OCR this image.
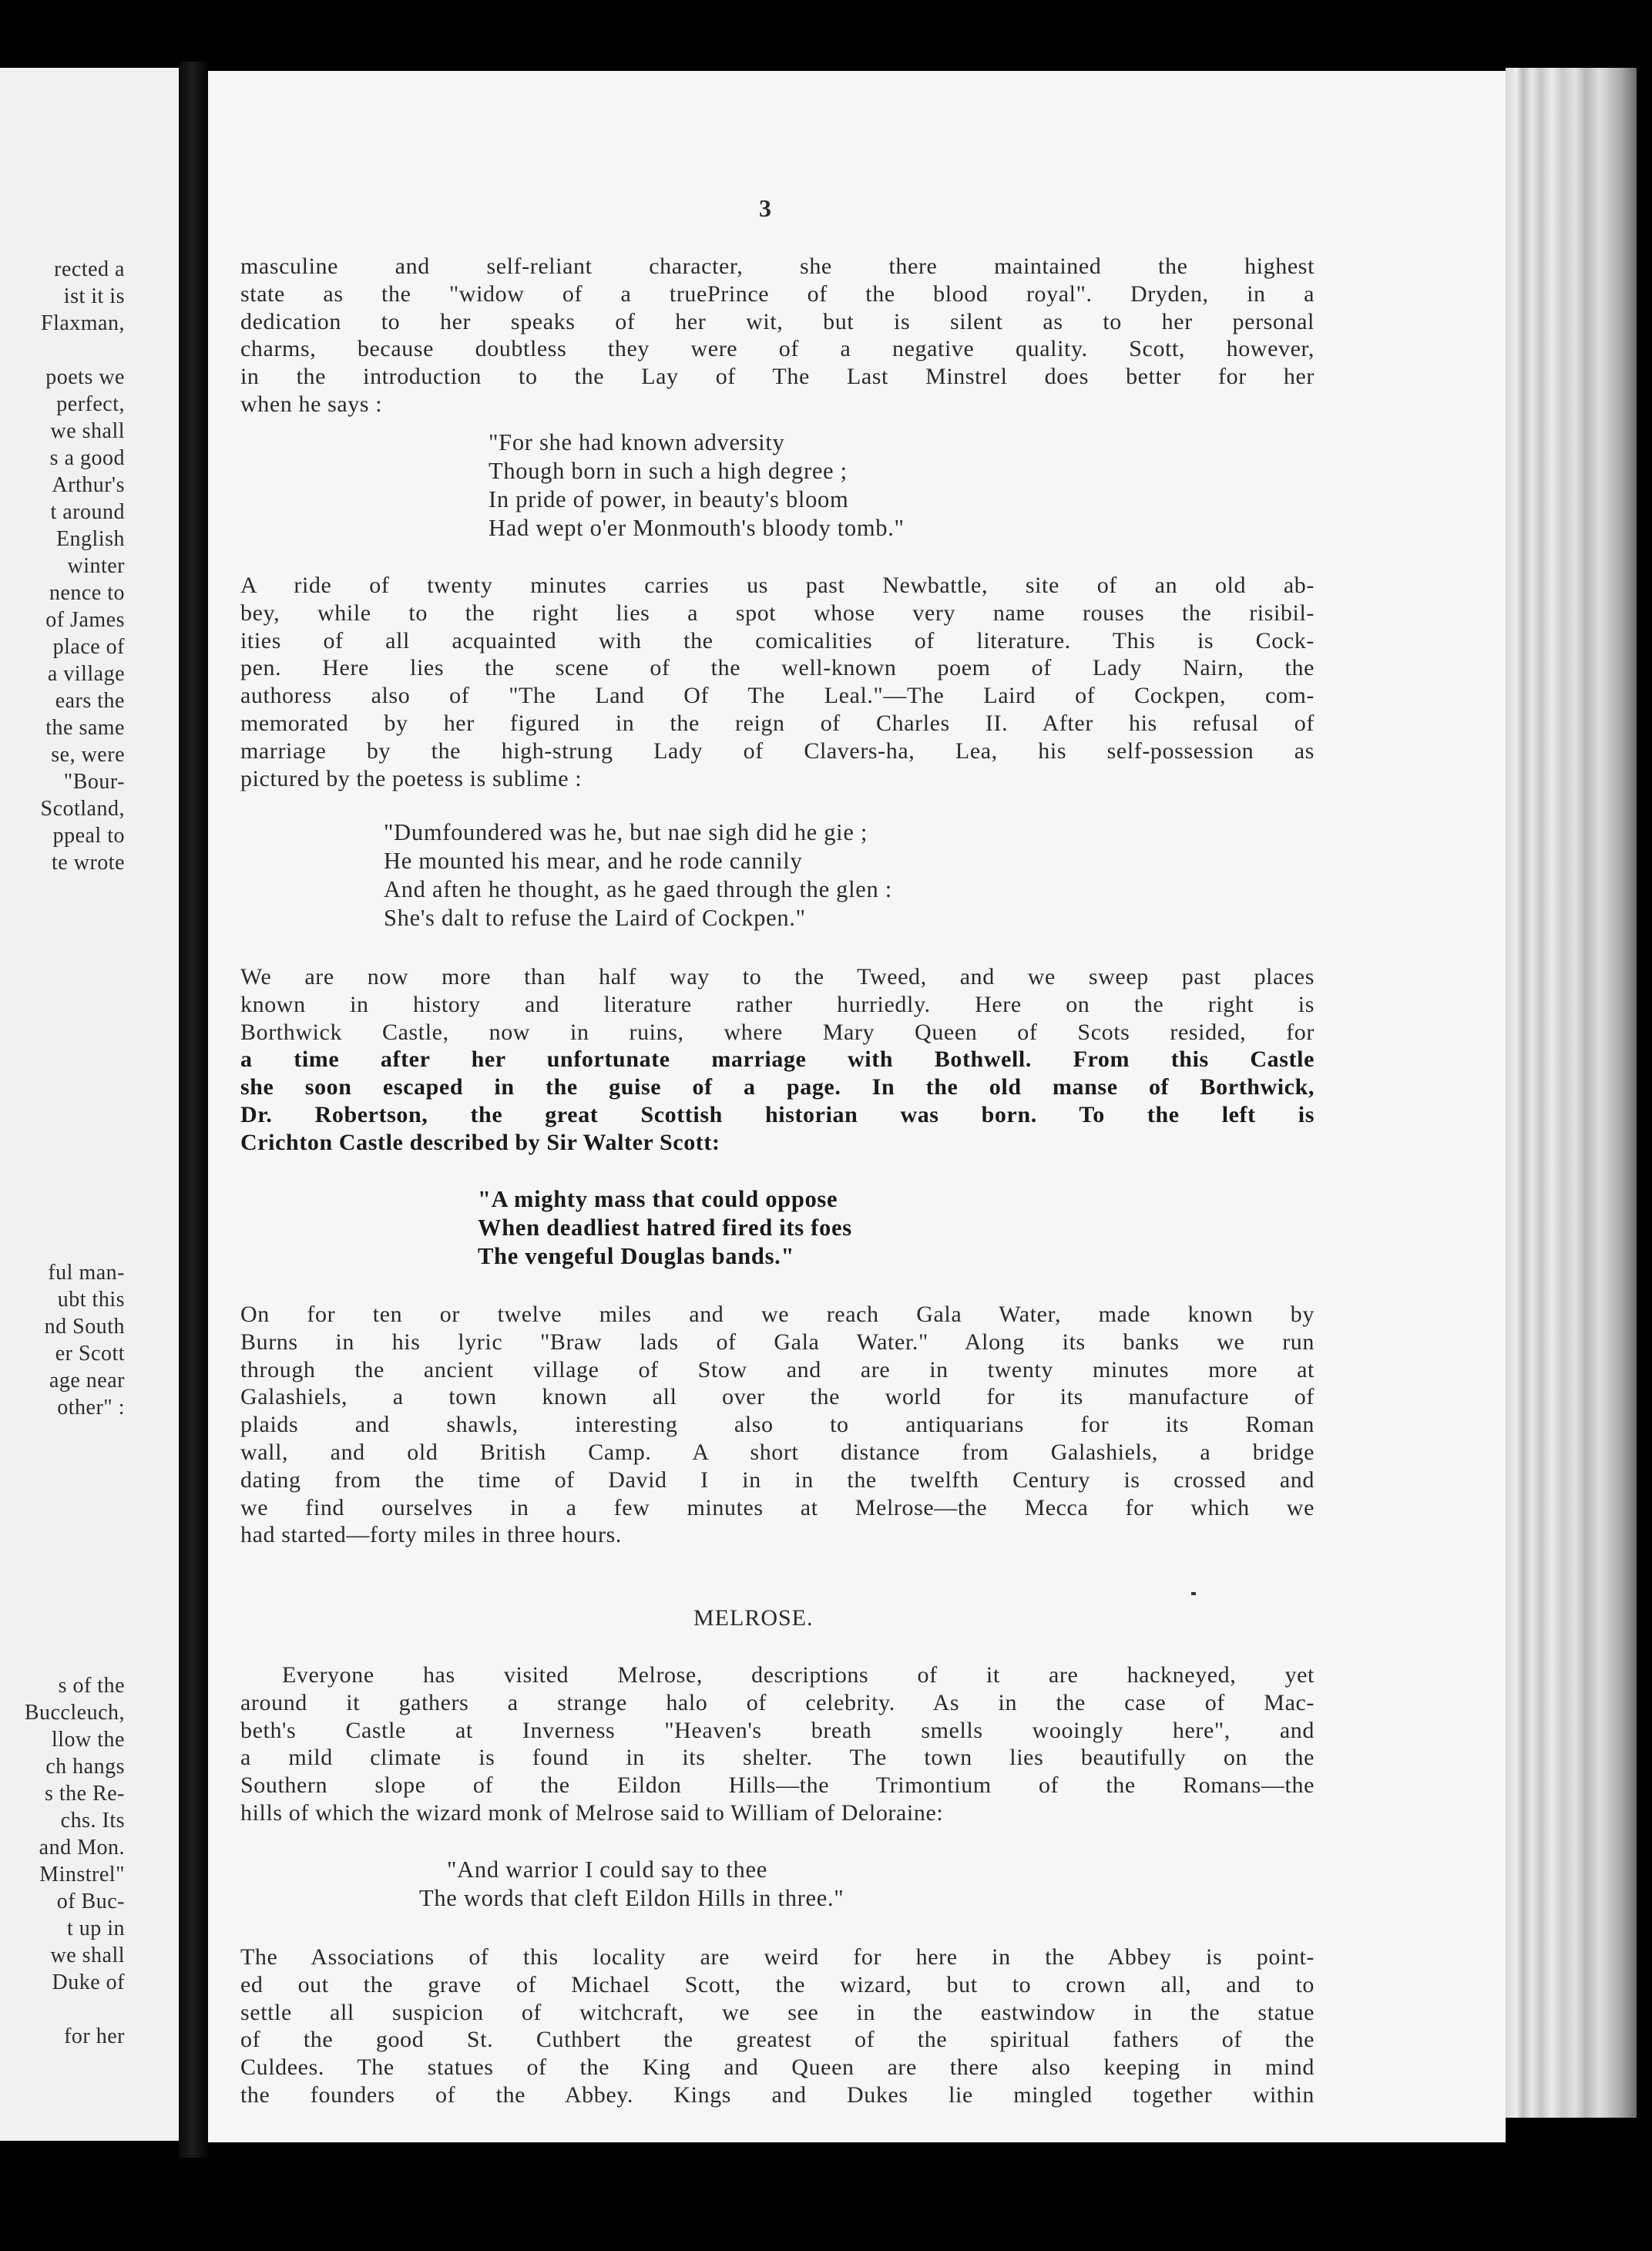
rected a
ist it is
Flaxman,
poets we
perfect,
we shall
s a good
Arthur's
t around
English
winter
nence to
of James
place of
a village
ears the
the same
se, were
"Bour-
Scotland,
ppeal to
te wrote
ful man-
ubt this
nd South
er Scott
age near
other" :
s of the
Buccleuch,
llow the
ch hangs
s the Re-
chs. Its
and Mon.
Minstrel"
of Buc-
t up in
we shall
Duke of
for her
3
masculine and self-reliant character, she there maintained the highest
state as the "widow of a truePrince of the blood royal". Dryden, in a
dedication to her speaks of her wit, but is silent as to her personal
charms, because doubtless they were of a negative quality. Scott, however,
in the introduction to the Lay of The Last Minstrel does better for her
when he says :
"For she had known adversity
Though born in such a high degree ;
In pride of power, in beauty's bloom
Had wept o'er Monmouth's bloody tomb."
A ride of twenty minutes carries us past Newbattle, site of an old ab-
bey, while to the right lies a spot whose very name rouses the risibil-
ities of all acquainted with the comicalities of literature. This is Cock-
pen. Here lies the scene of the well-known poem of Lady Nairn, the
authoress also of "The Land Of The Leal."—The Laird of Cockpen, com-
memorated by her figured in the reign of Charles II. After his refusal of
marriage by the high-strung Lady of Clavers-ha, Lea, his self-possession as
pictured by the poetess is sublime :
"Dumfoundered was he, but nae sigh did he gie ;
He mounted his mear, and he rode cannily
And aften he thought, as he gaed through the glen :
She's dalt to refuse the Laird of Cockpen."
We are now more than half way to the Tweed, and we sweep past places
known in history and literature rather hurriedly. Here on the right is
Borthwick Castle, now in ruins, where Mary Queen of Scots resided, for
a time after her unfortunate marriage with Bothwell. From this Castle
she soon escaped in the guise of a page. In the old manse of Borthwick,
Dr. Robertson, the great Scottish historian was born. To the left is
Crichton Castle described by Sir Walter Scott:
"A mighty mass that could oppose
When deadliest hatred fired its foes
The vengeful Douglas bands."
On for ten or twelve miles and we reach Gala Water, made known by
Burns in his lyric "Braw lads of Gala Water." Along its banks we run
through the ancient village of Stow and are in twenty minutes more at
Galashiels, a town known all over the world for its manufacture of
plaids and shawls, interesting also to antiquarians for its Roman
wall, and old British Camp. A short distance from Galashiels, a bridge
dating from the time of David I in in the twelfth Century is crossed and
we find ourselves in a few minutes at Melrose—the Mecca for which we
had started—forty miles in three hours.
MELROSE.
Everyone has visited Melrose, descriptions of it are hackneyed, yet
around it gathers a strange halo of celebrity. As in the case of Mac-
beth's Castle at Inverness "Heaven's breath smells wooingly here", and
a mild climate is found in its shelter. The town lies beautifully on the
Southern slope of the Eildon Hills—the Trimontium of the Romans—the
hills of which the wizard monk of Melrose said to William of Deloraine:
"And warrior I could say to thee
The words that cleft Eildon Hills in three."
The Associations of this locality are weird for here in the Abbey is point-
ed out the grave of Michael Scott, the wizard, but to crown all, and to
settle all suspicion of witchcraft, we see in the eastwindow in the statue
of the good St. Cuthbert the greatest of the spiritual fathers of the
Culdees. The statues of the King and Queen are there also keeping in mind
the founders of the Abbey. Kings and Dukes lie mingled together within
